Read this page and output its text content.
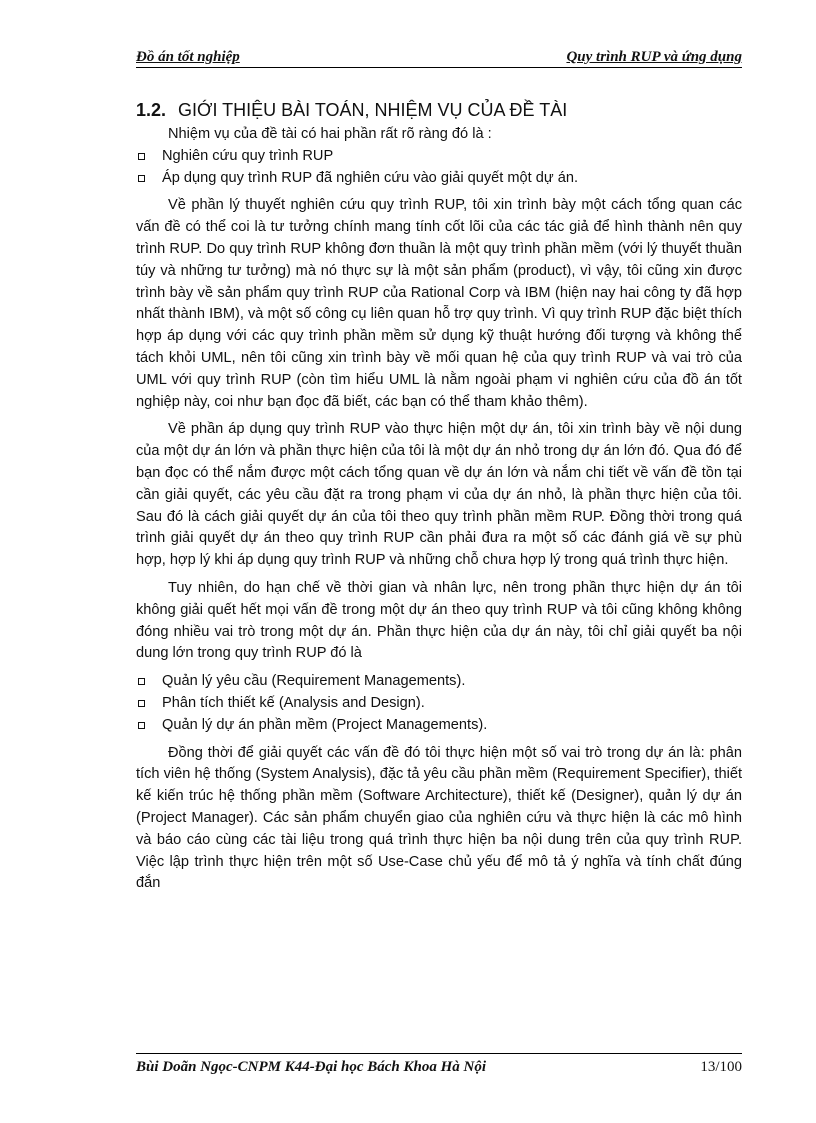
Đồ án tốt nghiệp	Quy trình RUP và ứng dụng
1.2. GIỚI THIỆU BÀI TOÁN, NHIỆM VỤ CỦA ĐỀ TÀI

Nhiệm vụ của đề tài có hai phần rất rõ ràng đó là :

Nghiên cứu quy trình RUP
Áp dụng quy trình RUP đã nghiên cứu vào giải quyết một dự án.

Về phần lý thuyết nghiên cứu quy trình RUP, tôi xin trình bày một cách tổng quan các vấn đề có thể coi là tư tưởng chính mang tính cốt lõi của các tác giả để hình thành nên quy trình RUP. Do quy trình RUP không đơn thuần là một quy trình phần mềm (với lý thuyết thuần túy và những tư tưởng) mà nó thực sự là một sản phẩm (product), vì vậy, tôi cũng xin được trình bày về sản phẩm quy trình RUP của Rational Corp và IBM (hiện nay hai công ty đã hợp nhất thành IBM), và một số công cụ liên quan hỗ trợ quy trình. Vì quy trình RUP đặc biệt thích hợp áp dụng với các quy trình phần mềm sử dụng kỹ thuật hướng đối tượng và không thể tách khỏi UML, nên tôi cũng xin trình bày về mối quan hệ của quy trình RUP và vai trò của UML với quy trình RUP (còn tìm hiểu UML là nằm ngoài phạm vi nghiên cứu của đồ án tốt nghiệp này, coi như bạn đọc đã biết, các bạn có thể tham khảo thêm).

Về phần áp dụng quy trình RUP vào thực hiện một dự án, tôi xin trình bày về nội dung của một dự án lớn và phần thực hiện của tôi là một dự án nhỏ trong dự án lớn đó. Qua đó để bạn đọc có thể nắm được một cách tổng quan về dự án lớn và nắm chi tiết về vấn đề tồn tại cần giải quyết, các yêu cầu đặt ra trong phạm vi của dự án nhỏ, là phần thực hiện của tôi. Sau đó là cách giải quyết dự án của tôi theo quy trình phần mềm RUP. Đồng thời trong quá trình giải quyết dự án theo quy trình RUP cần phải đưa ra một số các đánh giá về sự phù hợp, hợp lý khi áp dụng quy trình RUP và những chỗ chưa hợp lý trong quá trình thực hiện.

Tuy nhiên, do hạn chế về thời gian và nhân lực, nên trong phần thực hiện dự án tôi không giải quết hết mọi vấn đề trong một dự án theo quy trình RUP và tôi cũng không không đóng nhiều vai trò trong một dự án. Phần thực hiện của dự án này, tôi chỉ giải quyết ba nội dung lớn trong quy trình RUP đó là

Quản lý yêu cầu (Requirement Managements).
Phân tích thiết kế (Analysis and Design).
Quản lý dự án phần mềm (Project Managements).

Đồng thời để giải quyết các vấn đề đó tôi thực hiện một số vai trò trong dự án là: phân tích viên hệ thống (System Analysis), đặc tả yêu cầu phần mềm (Requirement Specifier), thiết kế kiến trúc hệ thống phần mềm (Software Architecture), thiết kế (Designer), quản lý dự án (Project Manager). Các sản phẩm chuyển giao của nghiên cứu và thực hiện là các mô hình và báo cáo cùng các tài liệu trong quá trình thực hiện ba nội dung trên của quy trình RUP. Việc lập trình thực hiện trên một số Use-Case chủ yếu để mô tả ý nghĩa và tính chất đúng đắn

Bùi Doãn Ngọc-CNPM K44-Đại học Bách Khoa Hà Nội	13/100
